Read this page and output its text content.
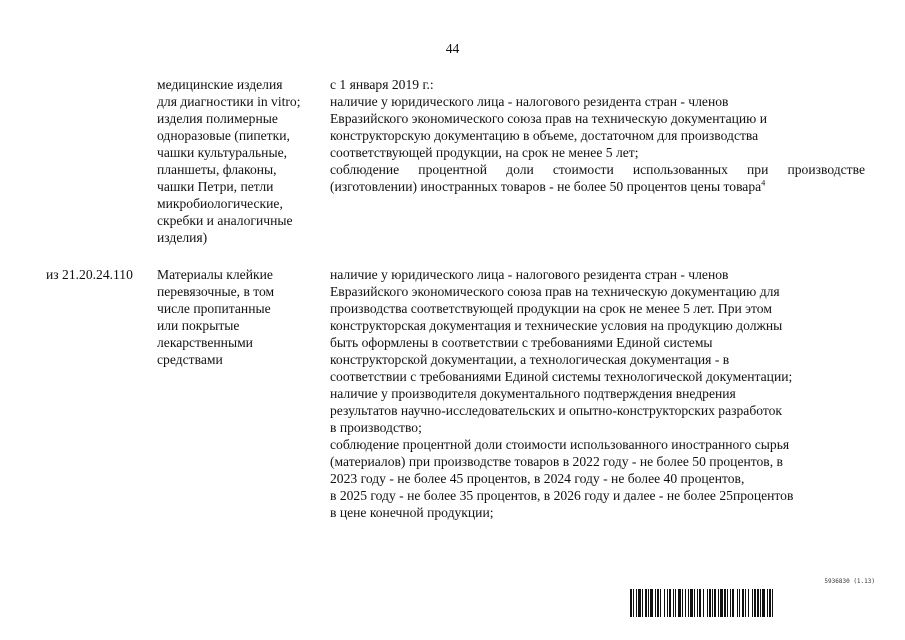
44
медицинские изделия
для диагностики in vitro;
изделия полимерные
одноразовые (пипетки,
чашки культуральные,
планшеты, флаконы,
чашки Петри, петли
микробиологические,
скребки и аналогичные
изделия)
с 1 января 2019 г.:
наличие у юридического лица - налогового резидента стран - членов
Евразийского экономического союза прав на техническую документацию и
конструкторскую документацию в объеме, достаточном для производства
соответствующей продукции, на срок не менее 5 лет;
соблюдение процентной доли стоимости использованных при производстве
(изготовлении) иностранных товаров - не более 50 процентов цены товара$^4$
из 21.20.24.110 Материалы клейкие
перевязочные, в том
числе пропитанные
или покрытые
лекарственными
средствами
наличие у юридического лица - налогового резидента стран - членов
Евразийского экономического союза прав на техническую документацию для
производства соответствующей продукции на срок не менее 5 лет. При этом
конструкторская документация и технические условия на продукцию должны
быть оформлены в соответствии с требованиями Единой системы
конструкторской документации, а технологическая документация - в
соответствии с требованиями Единой системы технологической документации;
наличие у производителя документального подтверждения внедрения
результатов научно-исследовательских и опытно-конструкторских разработок
в производство;
соблюдение процентной доли стоимости использованного иностранного сырья
(материалов) при производстве товаров в 2022 году - не более 50 процентов, в
2023 году - не более 45 процентов, в 2024 году - не более 40 процентов,
в 2025 году - не более 35 процентов, в 2026 году и далее - не более 25процентов
в цене конечной продукции;
5936830 (1.13)
